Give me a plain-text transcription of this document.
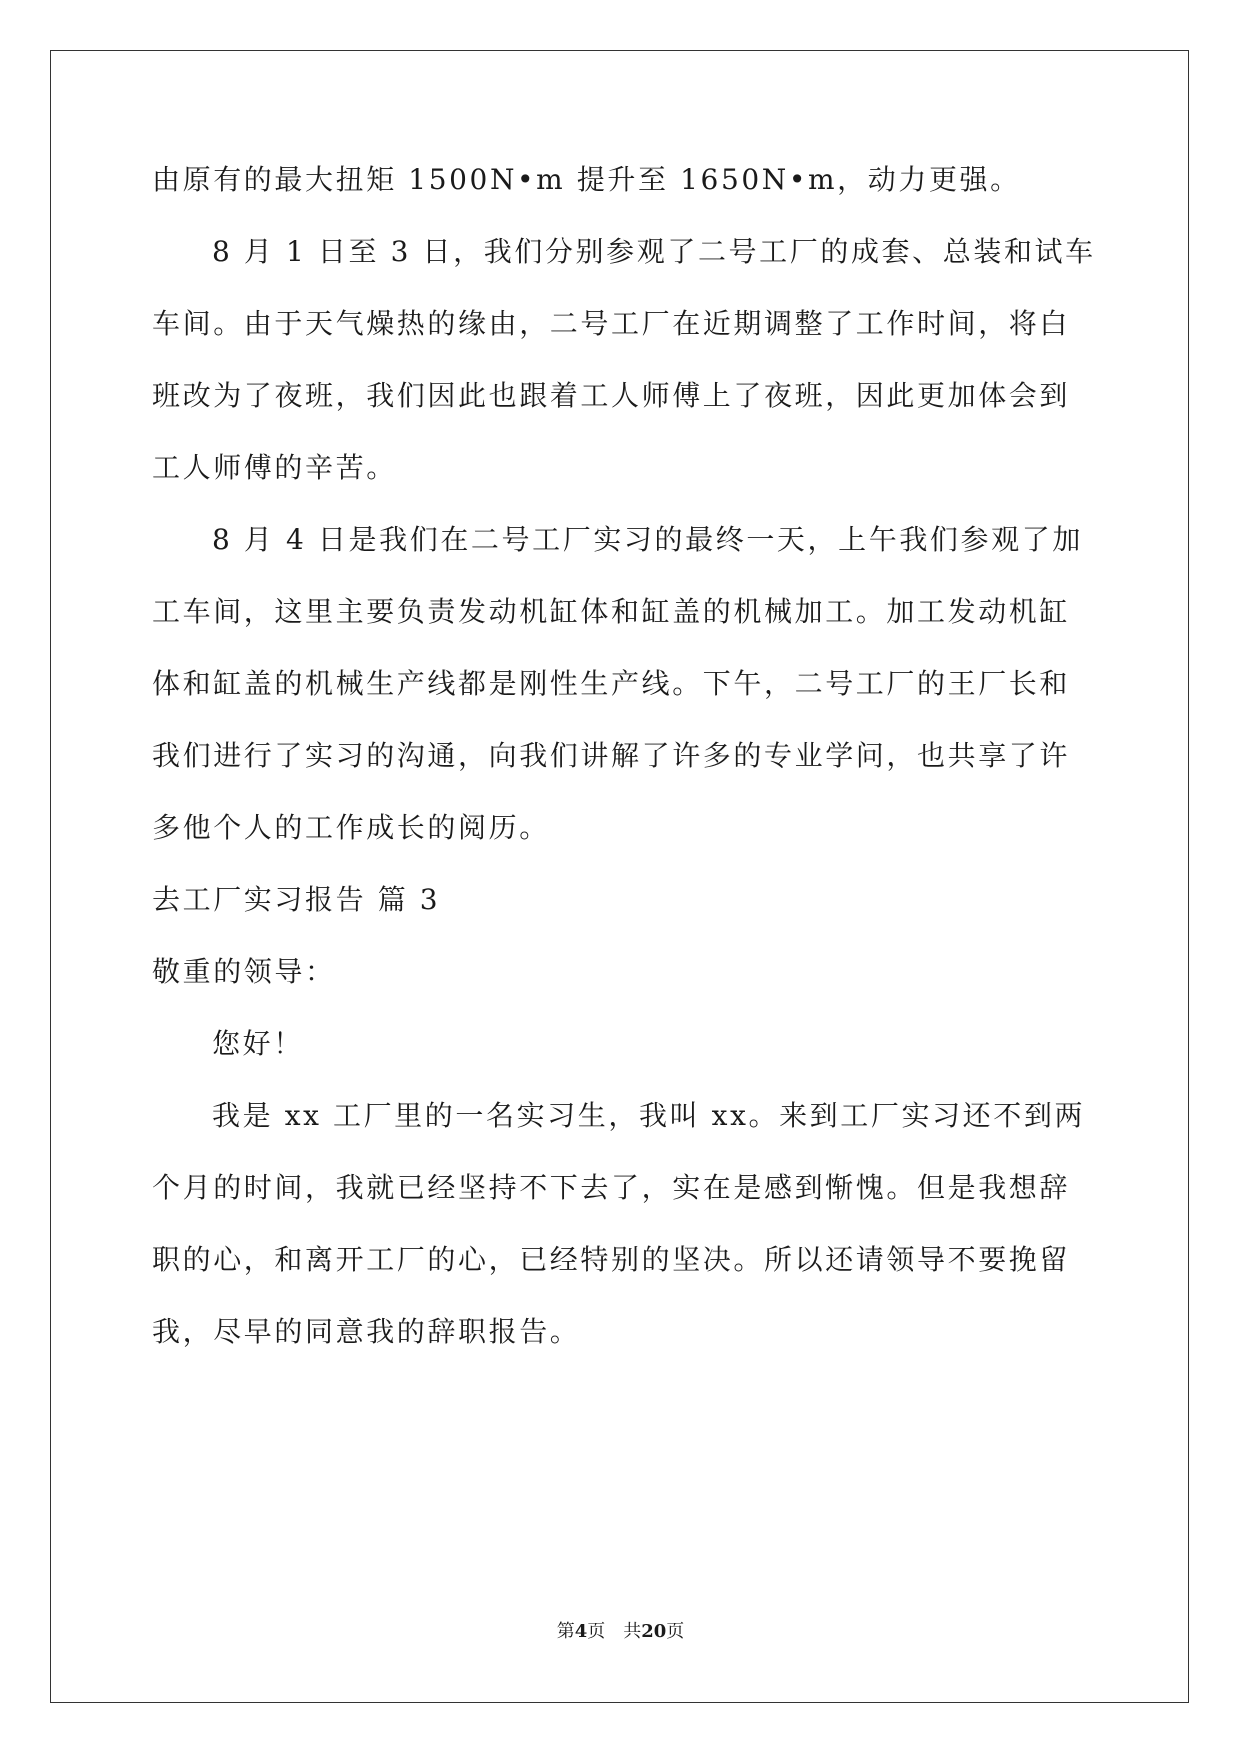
由原有的最大扭矩 1500N•m 提升至 1650N•m，动力更强。
8 月 1 日至 3 日，我们分别参观了二号工厂的成套、总装和试车
车间。由于天气燥热的缘由，二号工厂在近期调整了工作时间，将白
班改为了夜班，我们因此也跟着工人师傅上了夜班，因此更加体会到
工人师傅的辛苦。
8 月 4 日是我们在二号工厂实习的最终一天，上午我们参观了加
工车间，这里主要负责发动机缸体和缸盖的机械加工。加工发动机缸
体和缸盖的机械生产线都是刚性生产线。下午，二号工厂的王厂长和
我们进行了实习的沟通，向我们讲解了许多的专业学问，也共享了许
多他个人的工作成长的阅历。
去工厂实习报告 篇 3
敬重的领导：
您好！
我是 xx 工厂里的一名实习生，我叫 xx。来到工厂实习还不到两
个月的时间，我就已经坚持不下去了，实在是感到惭愧。但是我想辞
职的心，和离开工厂的心，已经特别的坚决。所以还请领导不要挽留
我，尽早的同意我的辞职报告。
第4页 共20页
